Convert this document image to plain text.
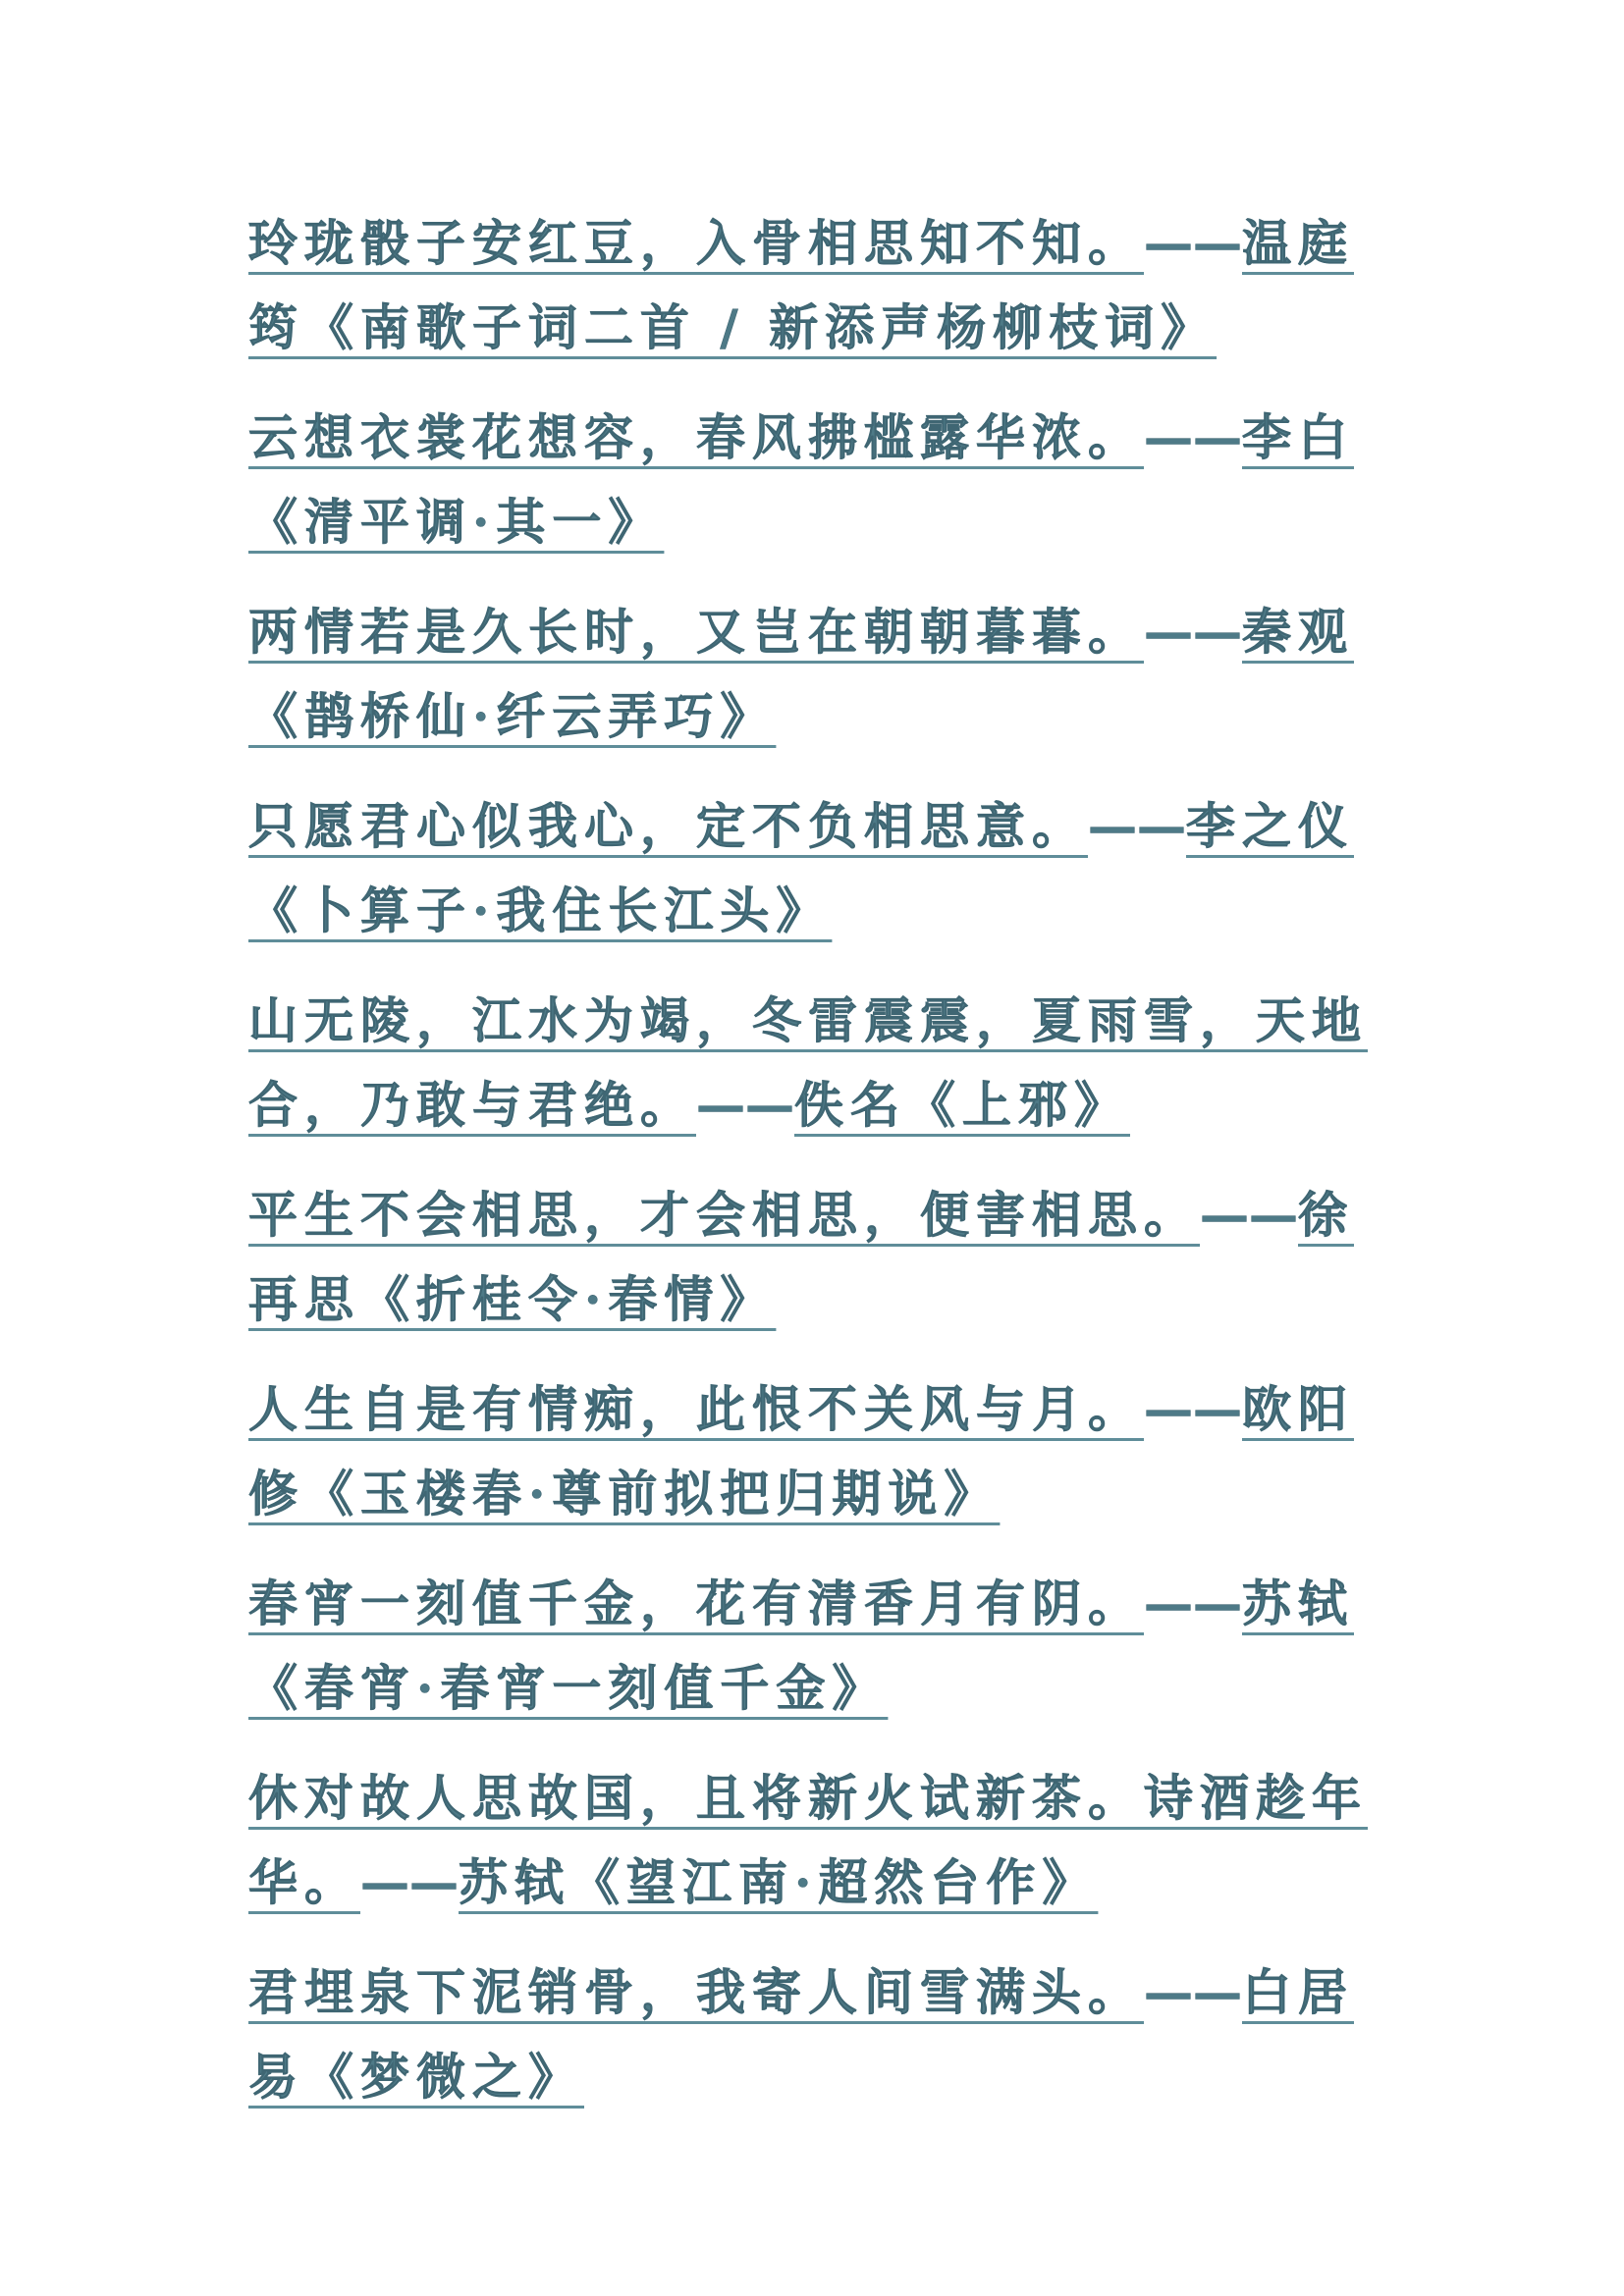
玲珑骰子安红豆，入骨相思知不知。——温庭
筠《南歌子词二首 / 新添声杨柳枝词》
云想衣裳花想容，春风拂槛露华浓。——李白
《清平调·其一》
两情若是久长时，又岂在朝朝暮暮。——秦观
《鹊桥仙·纤云弄巧》
只愿君心似我心，定不负相思意。——李之仪
《卜算子·我住长江头》
山无陵，江水为竭，冬雷震震，夏雨雪，天地
合，乃敢与君绝。——佚名《上邪》
平生不会相思，才会相思，便害相思。——徐
再思《折桂令·春情》
人生自是有情痴，此恨不关风与月。——欧阳
修《玉楼春·尊前拟把归期说》
春宵一刻值千金，花有清香月有阴。——苏轼
《春宵·春宵一刻值千金》
休对故人思故国，且将新火试新茶。诗酒趁年
华。——苏轼《望江南·超然台作》
君埋泉下泥销骨，我寄人间雪满头。——白居
易《梦微之》
